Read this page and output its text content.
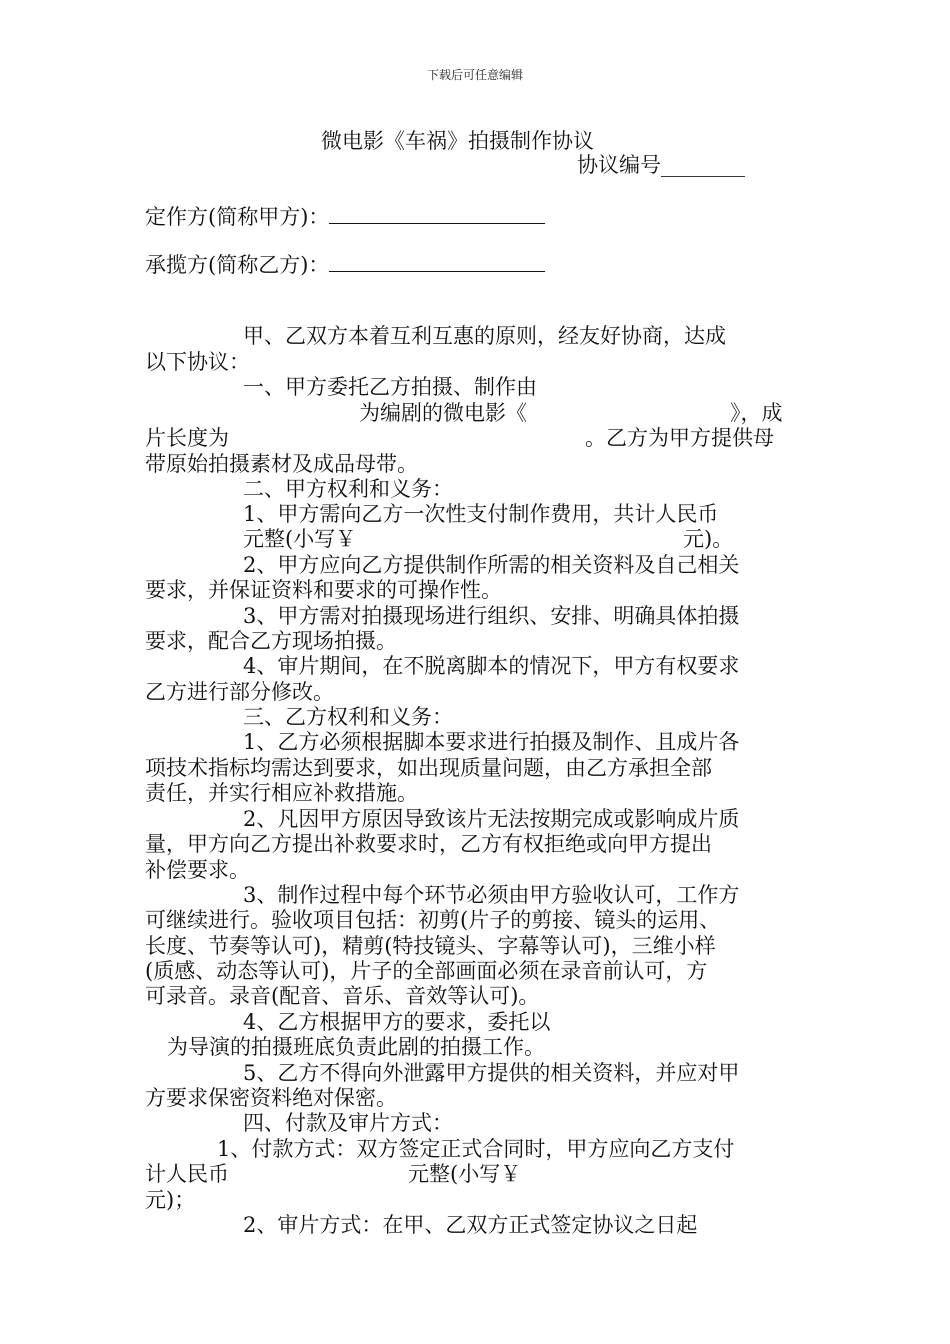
下载后可任意编辑
微电影《车祸》拍摄制作协议
协议编号________
定作方(简称甲方)：
承揽方(简称乙方)：
甲、乙双方本着互利互惠的原则，经友好协商，达成
以下协议：
一、甲方委托乙方拍摄、制作由
为编剧的微电影《	》，成
片长度为	。乙方为甲方提供母
带原始拍摄素材及成品母带。
二、甲方权利和义务：
1、甲方需向乙方一次性支付制作费用，共计人民币
元整(小写￥	元)。
2、甲方应向乙方提供制作所需的相关资料及自己相关
要求，并保证资料和要求的可操作性。
3、甲方需对拍摄现场进行组织、安排、明确具体拍摄
要求，配合乙方现场拍摄。
4、审片期间，在不脱离脚本的情况下，甲方有权要求
乙方进行部分修改。
三、乙方权利和义务：
1、乙方必须根据脚本要求进行拍摄及制作、且成片各
项技术指标均需达到要求，如出现质量问题，由乙方承担全部
责任，并实行相应补救措施。
2、凡因甲方原因导致该片无法按期完成或影响成片质
量，甲方向乙方提出补救要求时，乙方有权拒绝或向甲方提出
补偿要求。
3、制作过程中每个环节必须由甲方验收认可，工作方
可继续进行。验收项目包括：初剪(片子的剪接、镜头的运用、
长度、节奏等认可)，精剪(特技镜头、字幕等认可)，三维小样
(质感、动态等认可)，片子的全部画面必须在录音前认可，方
可录音。录音(配音、音乐、音效等认可)。
4、乙方根据甲方的要求，委托以
为导演的拍摄班底负责此剧的拍摄工作。
5、乙方不得向外泄露甲方提供的相关资料，并应对甲
方要求保密资料绝对保密。
四、付款及审片方式：
1、付款方式：双方签定正式合同时，甲方应向乙方支付
计人民币	元整(小写￥
元)；
2、审片方式：在甲、乙双方正式签定协议之日起
